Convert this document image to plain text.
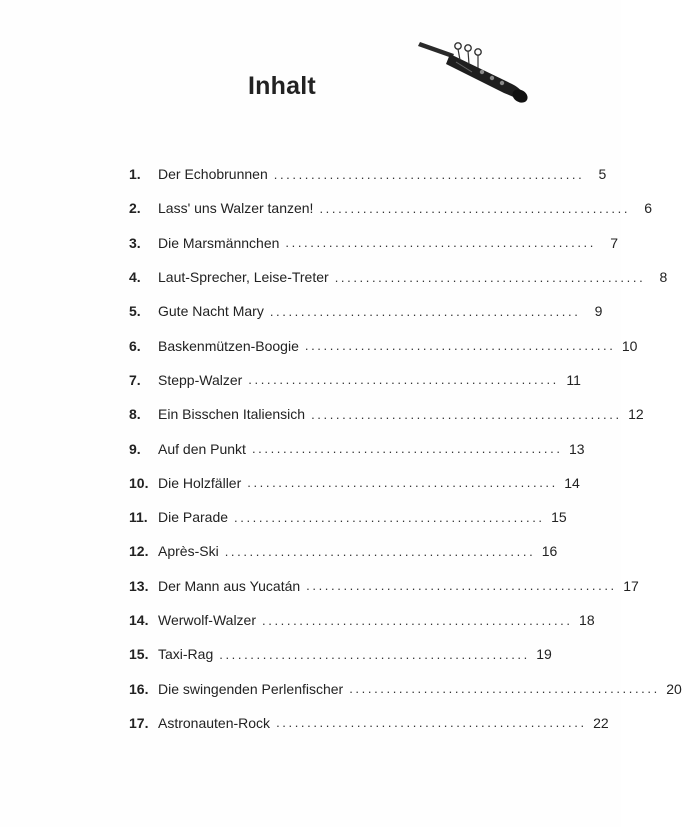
Inhalt
1.	Der Echobrunnen ..................................................	5
2.	Lass' uns Walzer tanzen! ..................................................	6
3.	Die Marsmännchen ..................................................	7
4.	Laut-Sprecher, Leise-Treter ..................................................	8
5.	Gute Nacht Mary ..................................................	9
6.	Baskenmützen-Boogie .................................................. 10
7.	Stepp-Walzer .................................................. 11
8.	Ein Bisschen Italiensich .................................................. 12
9.	Auf den Punkt .................................................. 13
10. Die Holzfäller .................................................. 14
11. Die Parade .................................................. 15
12. Après-Ski .................................................. 16
13. Der Mann aus Yucatán .................................................. 17
14. Werwolf-Walzer .................................................. 18
15. Taxi-Rag .................................................. 19
16. Die swingenden Perlenfischer .................................................. 20
17. Astronauten-Rock .................................................. 22
